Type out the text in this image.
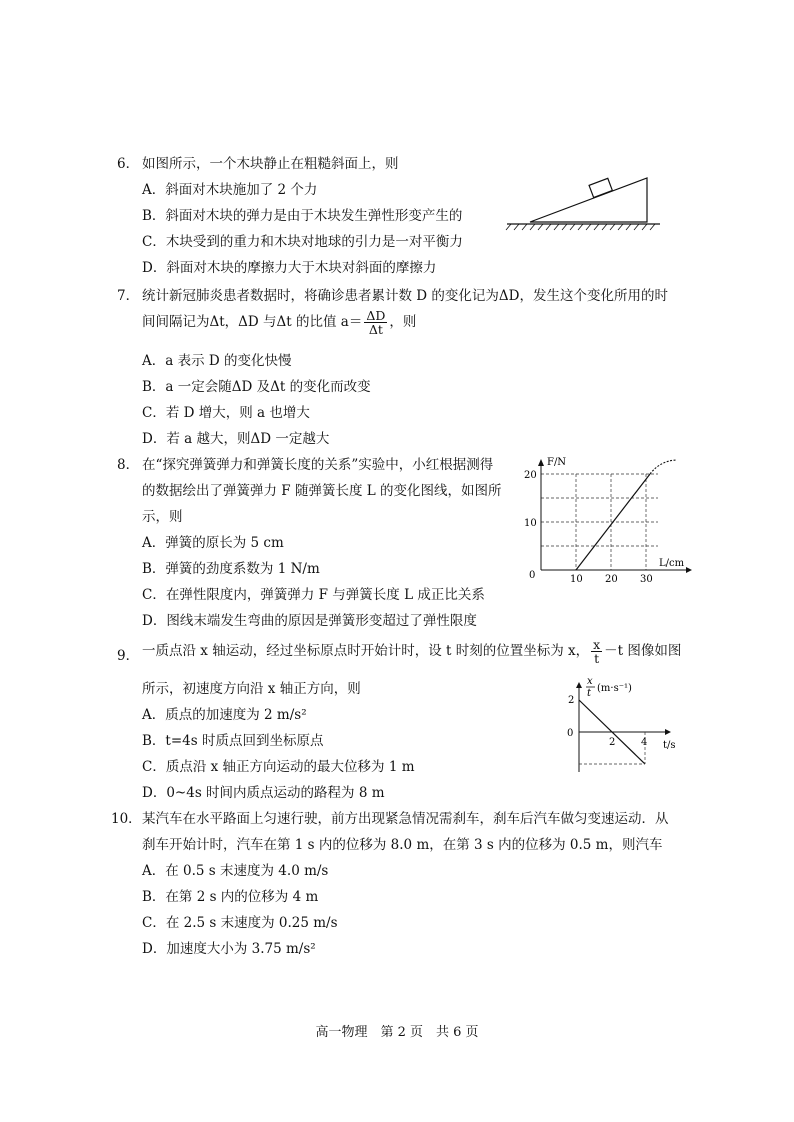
6． 如图所示，一个木块静止在粗糙斜面上，则
A．斜面对木块施加了 2 个力
B．斜面对木块的弹力是由于木块发生弹性形变产生的
C．木块受到的重力和木块对地球的引力是一对平衡力
D．斜面对木块的摩擦力大于木块对斜面的摩擦力
7． 统计新冠肺炎患者数据时，将确诊患者累计数 D 的变化记为ΔD，发生这个变化所用的时
间间隔记为Δt，ΔD 与Δt 的比值 $a= \frac{\Delta D}{\Delta t}$ ，则
A．a 表示 D 的变化快慢
B．a 一定会随ΔD 及Δt 的变化而改变
C．若 D 增大，则 a 也增大
D．若 a 越大，则ΔD 一定越大
8． 在“探究弹簧弹力和弹簧长度的关系”实验中，小红根据测得
的数据绘出了弹簧弹力 F 随弹簧长度 L 的变化图线，如图所
示，则
A．弹簧的原长为 5 cm
B．弹簧的劲度系数为 1 N/m
C．在弹性限度内，弹簧弹力 F 与弹簧长度 L 成正比关系
D．图线末端发生弯曲的原因是弹簧形变超过了弹性限度
F/N
L/cm
0	10 20 30
10
20
9． 一质点沿 x 轴运动，经过坐标原点时开始计时，设 t 时刻的位置坐标为 x， $\frac{x}{t} -t$ 图像如图
所示，初速度方向沿 x 轴正方向，则
A．质点的加速度为 2 m/s²
B．t=4s 时质点回到坐标原点
C．质点沿 x 轴正方向运动的最大位移为 1 m
D．0~4s 时间内质点运动的路程为 8 m
x
t (m·s⁻¹)
t/s
0
2
2	4
10． 某汽车在水平路面上匀速行驶，前方出现紧急情况需刹车，刹车后汽车做匀变速运动．从
刹车开始计时，汽车在第 1 s 内的位移为 8.0 m，在第 3 s 内的位移为 0.5 m，则汽车
A．在 0.5 s 末速度为 4.0 m/s
B．在第 2 s 内的位移为 4 m
C．在 2.5 s 末速度为 0.25 m/s
D．加速度大小为 3.75 m/s²
高一物理　第 2 页　共 6 页
